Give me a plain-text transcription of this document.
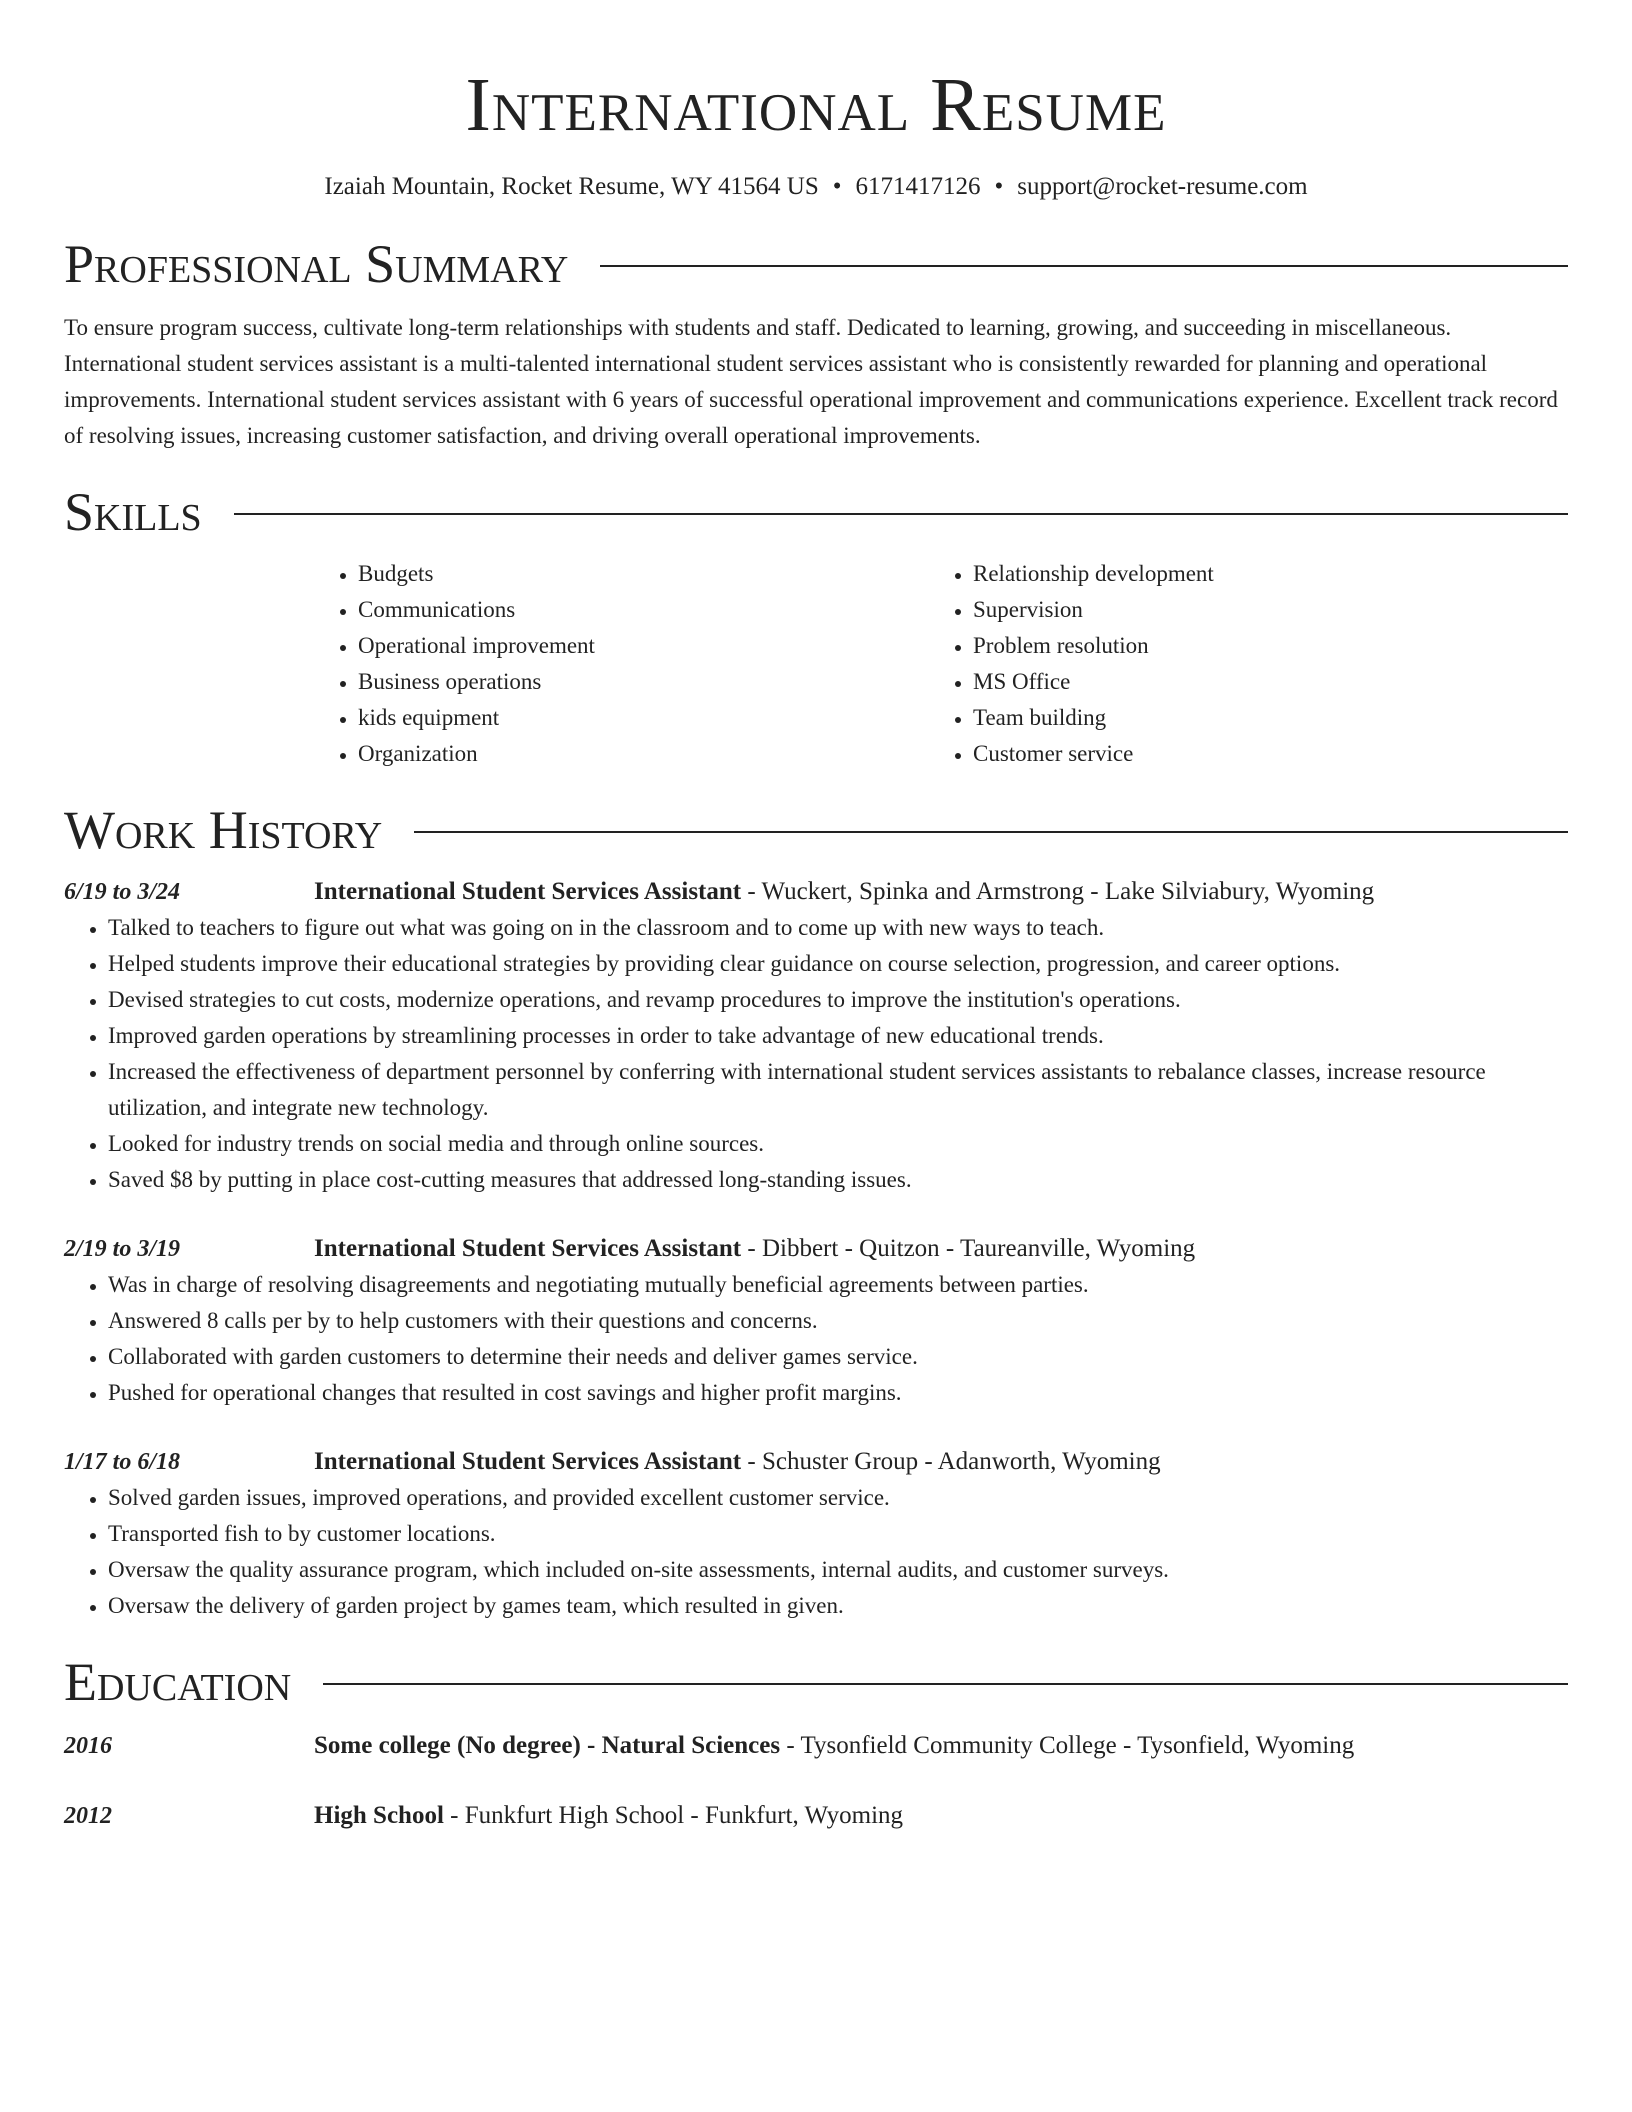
International Resume
Izaiah Mountain, Rocket Resume, WY 41564 US • 6171417126 • support@rocket-resume.com
Professional Summary

To ensure program success, cultivate long-term relationships with students and staff. Dedicated to learning, growing, and succeeding in miscellaneous. International student services assistant is a multi-talented international student services assistant who is consistently rewarded for planning and operational improvements. International student services assistant with 6 years of successful operational improvement and communications experience. Excellent track record of resolving issues, increasing customer satisfaction, and driving overall operational improvements.

Skills
• Budgets
• Communications
• Operational improvement
• Business operations
• kids equipment
• Organization
• Relationship development
• Supervision
• Problem resolution
• MS Office
• Team building
• Customer service
Work History
6/19 to 3/24	International Student Services Assistant - Wuckert, Spinka and Armstrong - Lake Silviabury, Wyoming
• Talked to teachers to figure out what was going on in the classroom and to come up with new ways to teach.
• Helped students improve their educational strategies by providing clear guidance on course selection, progression, and career options.
• Devised strategies to cut costs, modernize operations, and revamp procedures to improve the institution's operations.
• Improved garden operations by streamlining processes in order to take advantage of new educational trends.
• Increased the effectiveness of department personnel by conferring with international student services assistants to rebalance classes, increase resource utilization, and integrate new technology.
• Looked for industry trends on social media and through online sources.
• Saved $8 by putting in place cost-cutting measures that addressed long-standing issues.
2/19 to 3/19	International Student Services Assistant - Dibbert - Quitzon - Taureanville, Wyoming
• Was in charge of resolving disagreements and negotiating mutually beneficial agreements between parties.
• Answered 8 calls per by to help customers with their questions and concerns.
• Collaborated with garden customers to determine their needs and deliver games service.
• Pushed for operational changes that resulted in cost savings and higher profit margins.
1/17 to 6/18	International Student Services Assistant - Schuster Group - Adanworth, Wyoming
• Solved garden issues, improved operations, and provided excellent customer service.
• Transported fish to by customer locations.
• Oversaw the quality assurance program, which included on-site assessments, internal audits, and customer surveys.
• Oversaw the delivery of garden project by games team, which resulted in given.
Education
2016	Some college (No degree) - Natural Sciences - Tysonfield Community College - Tysonfield, Wyoming
2012	High School - Funkfurt High School - Funkfurt, Wyoming
